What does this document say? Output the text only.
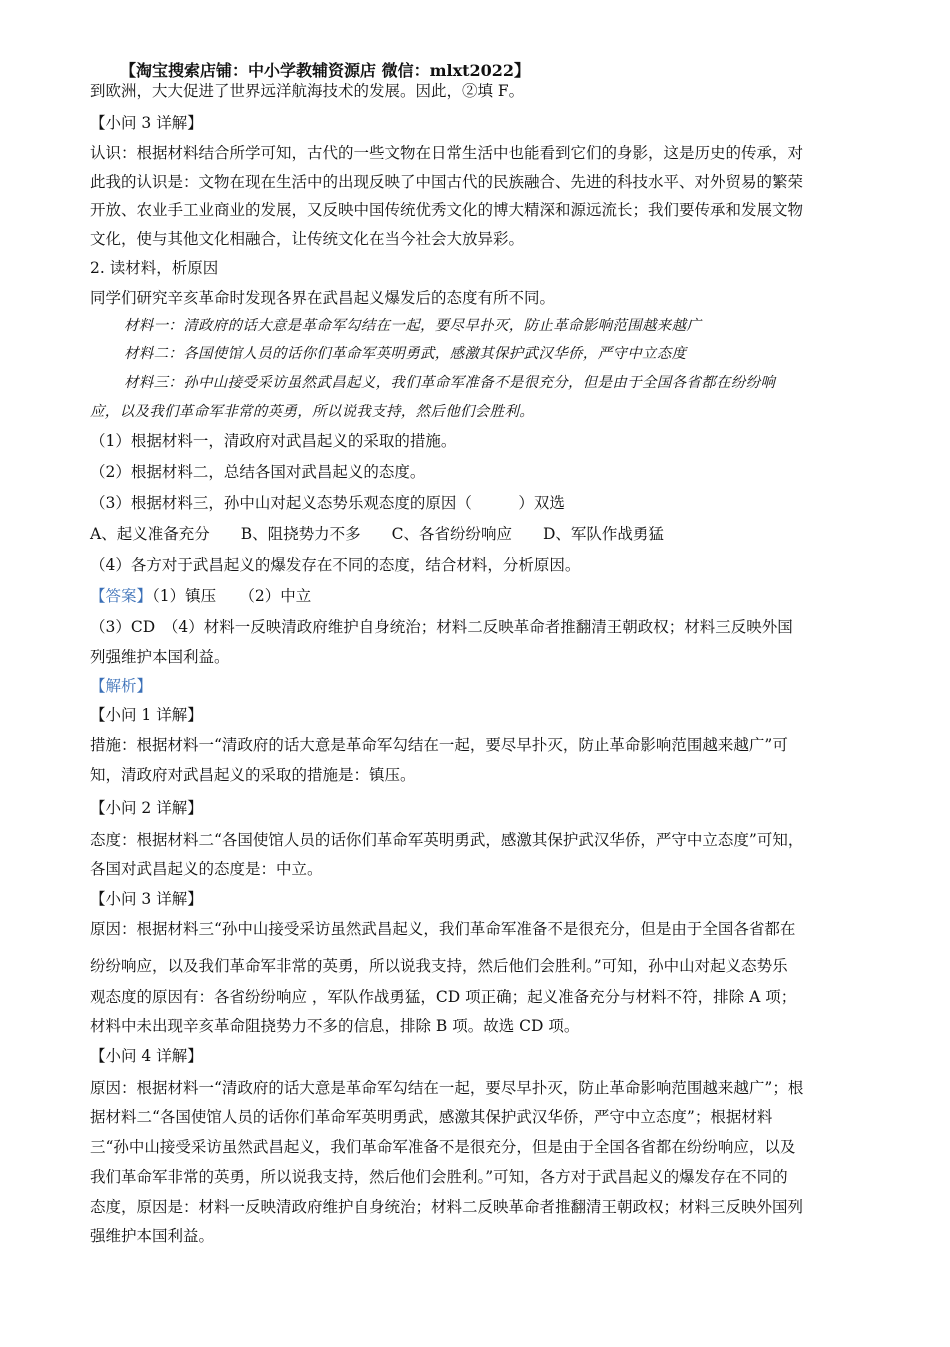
【淘宝搜索店铺：中小学教辅资源店 微信：mlxt2022】
到欧洲，大大促进了世界远洋航海技术的发展。因此，②填 F。
【小问 3 详解】
认识：根据材料结合所学可知，古代的一些文物在日常生活中也能看到它们的身影，这是历史的传承，对
此我的认识是：文物在现在生活中的出现反映了中国古代的民族融合、先进的科技水平、对外贸易的繁荣
开放、农业手工业商业的发展，又反映中国传统优秀文化的博大精深和源远流长；我们要传承和发展文物
文化，使与其他文化相融合，让传统文化在当今社会大放异彩。
2. 读材料，析原因
同学们研究辛亥革命时发现各界在武昌起义爆发后的态度有所不同。
材料一：清政府的话大意是革命军勾结在一起，要尽早扑灭，防止革命影响范围越来越广
材料二：各国使馆人员的话你们革命军英明勇武，感激其保护武汉华侨，严守中立态度
材料三：孙中山接受采访虽然武昌起义，我们革命军准备不是很充分，但是由于全国各省都在纷纷响
应，以及我们革命军非常的英勇，所以说我支持，然后他们会胜利。
（1）根据材料一，清政府对武昌起义的采取的措施。
（2）根据材料二，总结各国对武昌起义的态度。
（3）根据材料三，孙中山对起义态势乐观态度的原因（　　　）双选
A、起义准备充分　　B、阻挠势力不多　　C、各省纷纷响应　　D、军队作战勇猛
（4）各方对于武昌起义的爆发存在不同的态度，结合材料，分析原因。
【答案】（1）镇压　　（2）中立
（3）CD　（4）材料一反映清政府维护自身统治；材料二反映革命者推翻清王朝政权；材料三反映外国
列强维护本国利益。
【解析】
【小问 1 详解】
措施：根据材料一“清政府的话大意是革命军勾结在一起，要尽早扑灭，防止革命影响范围越来越广”可
知，清政府对武昌起义的采取的措施是：镇压。
【小问 2 详解】
态度：根据材料二“各国使馆人员的话你们革命军英明勇武，感激其保护武汉华侨，严守中立态度”可知，
各国对武昌起义的态度是：中立。
【小问 3 详解】
原因：根据材料三“孙中山接受采访虽然武昌起义，我们革命军准备不是很充分，但是由于全国各省都在
纷纷响应，以及我们革命军非常的英勇，所以说我支持，然后他们会胜利。”可知，孙中山对起义态势乐
观态度的原因有：各省纷纷响应 ，军队作战勇猛，CD 项正确；起义准备充分与材料不符，排除 A 项；
材料中未出现辛亥革命阻挠势力不多的信息，排除 B 项。故选 CD 项。
【小问 4 详解】
原因：根据材料一“清政府的话大意是革命军勾结在一起，要尽早扑灭，防止革命影响范围越来越广”；根
据材料二“各国使馆人员的话你们革命军英明勇武，感激其保护武汉华侨，严守中立态度”；根据材料
三“孙中山接受采访虽然武昌起义，我们革命军准备不是很充分，但是由于全国各省都在纷纷响应，以及
我们革命军非常的英勇，所以说我支持，然后他们会胜利。”可知，各方对于武昌起义的爆发存在不同的
态度，原因是：材料一反映清政府维护自身统治；材料二反映革命者推翻清王朝政权；材料三反映外国列
强维护本国利益。
